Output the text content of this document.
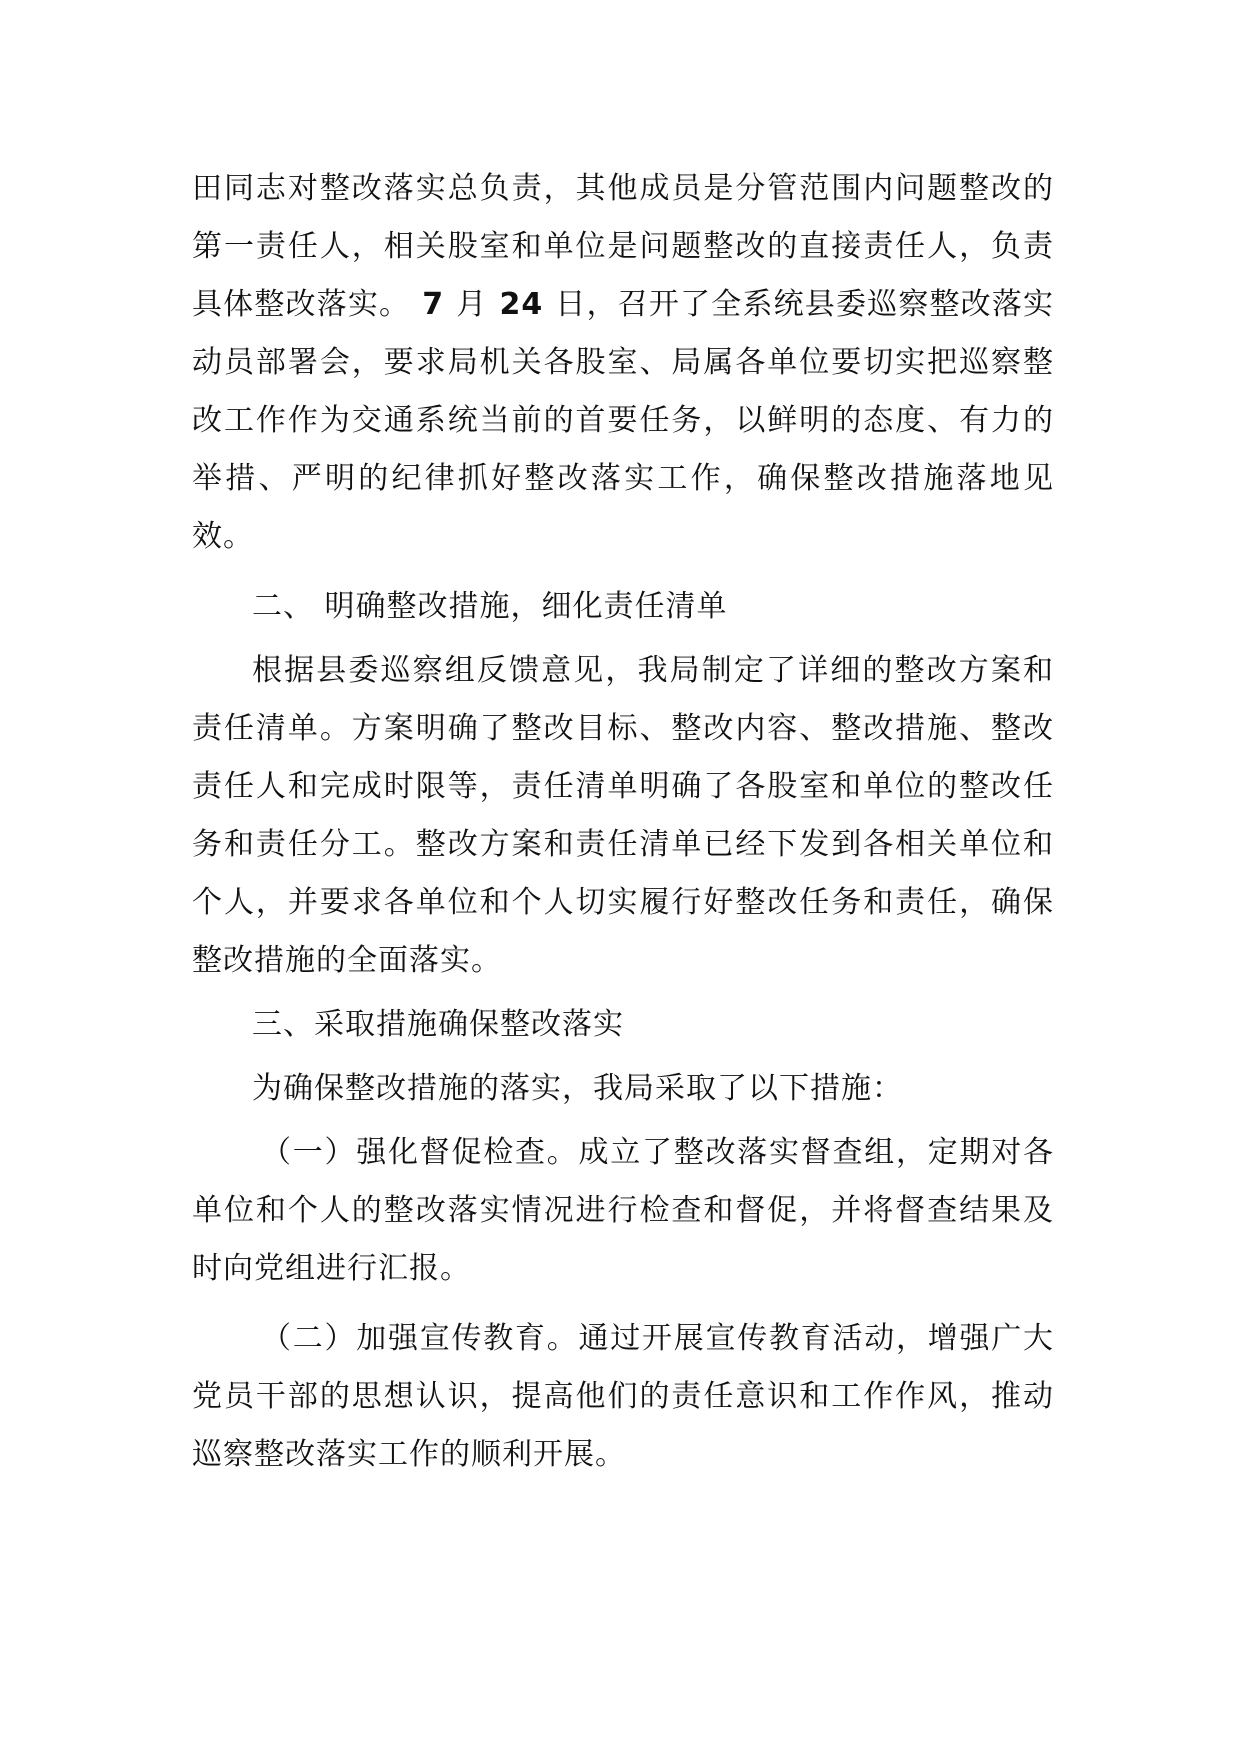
田同志对整改落实总负责，其他成员是分管范围内问题整改的第一责任人，相关股室和单位是问题整改的直接责任人，负责具体整改落实。 7 月 24 日，召开了全系统县委巡察整改落实动员部署会，要求局机关各股室、局属各单位要切实把巡察整改工作作为交通系统当前的首要任务，以鲜明的态度、有力的举措、严明的纪律抓好整改落实工作，确保整改措施落地见效。

二、 明确整改措施，细化责任清单

根据县委巡察组反馈意见，我局制定了详细的整改方案和责任清单。方案明确了整改目标、整改内容、整改措施、整改责任人和完成时限等，责任清单明确了各股室和单位的整改任务和责任分工。整改方案和责任清单已经下发到各相关单位和个人，并要求各单位和个人切实履行好整改任务和责任，确保整改措施的全面落实。

三、采取措施确保整改落实

为确保整改措施的落实，我局采取了以下措施：

（一）强化督促检查。成立了整改落实督查组，定期对各单位和个人的整改落实情况进行检查和督促，并将督查结果及时向党组进行汇报。

（二）加强宣传教育。通过开展宣传教育活动，增强广大党员干部的思想认识，提高他们的责任意识和工作作风，推动巡察整改落实工作的顺利开展。
